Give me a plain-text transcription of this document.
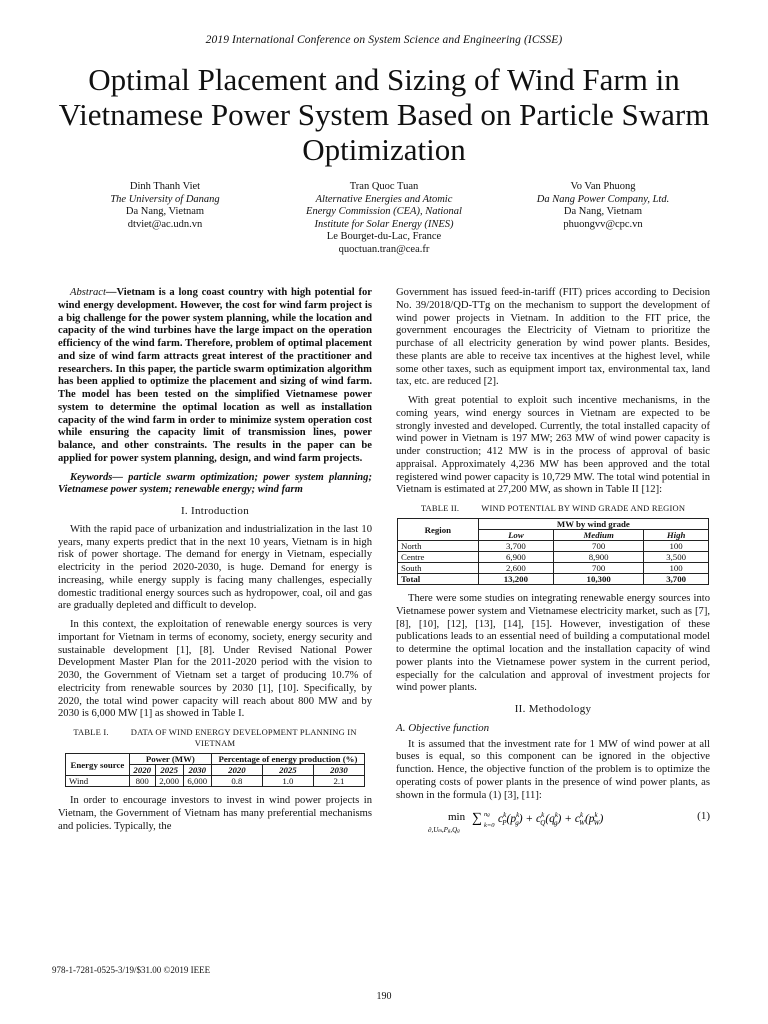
2019 International Conference on System Science and Engineering (ICSSE)
Optimal Placement and Sizing of Wind Farm in Vietnamese Power System Based on Particle Swarm Optimization
Dinh Thanh Viet
The University of Danang
Da Nang, Vietnam
dtviet@ac.udn.vn
Tran Quoc Tuan
Alternative Energies and Atomic
Energy Commission (CEA), National
Institute for Solar Energy (INES)
Le Bourget-du-Lac, France
quoctuan.tran@cea.fr
Vo Van Phuong
Da Nang Power Company, Ltd.
Da Nang, Vietnam
phuongvv@cpc.vn

Abstract—Vietnam is a long coast country with high potential for wind energy development. However, the cost for wind farm project is a big challenge for the power system planning, while the location and capacity of the wind turbines have the large impact on the operation efficiency of the wind farm. Therefore, problem of optimal placement and size of wind farm attracts great interest of the practitioner and researchers. In this paper, the particle swarm optimization algorithm has been applied to optimize the placement and sizing of wind farm. The model has been tested on the simplified Vietnamese power system to determine the optimal location as well as installation capacity of the wind farm in order to minimize system operation cost while ensuring the capacity limit of transmission lines, power balance, and other constraints. The results in the paper can be applied for power system planning, design, and wind farm projects.

Keywords— particle swarm optimization; power system planning; Vietnamese power system; renewable energy; wind farm

I. Introduction

With the rapid pace of urbanization and industrialization in the last 10 years, many experts predict that in the next 10 years, Vietnam is in high risk of power shortage. The demand for energy in Vietnam, especially electricity in the period 2020-2030, is huge. Demand for energy is increasing, while energy supply is facing many challenges, especially domestic traditional energy sources such as hydropower, coal, oil and gas are gradually depleted and difficult to develop.

In this context, the exploitation of renewable energy sources is very important for Vietnam in terms of economy, society, energy security and sustainable development [1], [8]. Under Revised National Power Development Master Plan for the 2011-2020 period with the vision to 2030, the Government of Vietnam set a target of producing 10.7% of electricity from renewable sources by 2030 [1], [10]. Specifically, by 2020, the total wind power capacity will reach about 800 MW and by 2030 is 6,000 MW [1] as showed in Table I.

TABLE I.	DATA OF WIND ENERGY DEVELOPMENT PLANNING IN VIETNAM
Energy source	Power (MW)			Percentage of energy production (%)		
	2020	2025	2030	2020	2025	2030
Wind	800	2,000	6,000	0.8	1.0	2.1

In order to encourage investors to invest in wind power projects in Vietnam, the Government of Vietnam has many preferential mechanisms and policies. Typically, the

Government has issued feed-in-tariff (FIT) prices according to Decision No. 39/2018/QD-TTg on the mechanism to support the development of wind power projects in Vietnam. In addition to the FIT price, the government encourages the Electricity of Vietnam to prioritize the purchase of all electricity generation by wind power plants. Besides, these plants are able to receive tax incentives at the highest level, while some other taxes, such as equipment import tax, environmental tax, land tax, etc. are reduced [2].

With great potential to exploit such incentive mechanisms, in the coming years, wind energy sources in Vietnam are expected to be strongly invested and developed. Currently, the total installed capacity of wind power in Vietnam is 197 MW; 263 MW of wind power capacity is under construction; 412 MW is in the process of approval of basic appraisal. Approximately 4,236 MW has been approved and the total registered wind power capacity is 10,729 MW. The total wind potential in Vietnam is estimated at 27,200 MW, as shown in Table II [12]:

TABLE II.	WIND POTENTIAL BY WIND GRADE AND REGION
Region	MW by wind grade		
	Low	Medium	High
North	3,700	700	100
Centre	6,900	8,900	3,500
South	2,600	700	100
Total	13,200	10,300	3,700

There were some studies on integrating renewable energy sources into Vietnamese power system and Vietnamese electricity market, such as [7], [8], [10], [12], [13], [14], [15]. However, investigation of these publications leads to an essential need of building a computational model to determine the optimal location and the installation capacity of wind power plants into the Vietnamese power system in the current period, especially for the calculation and approval of investment projects for wind power plants.

II. Methodology
A. Objective function

It is assumed that the investment rate for 1 MW of wind power at all buses is equal, so this component can be ignored in the objective function. Hence, the objective function of the problem is to optimize the operating costs of power plants in the presence of wind power plants, as shown in the formula (1) [3], [11]:

min
∂,Um,Pg,Qg
∑ ng
k=0
$c^k$ $P(p^k$ $g) + c^k$ $Q(q^k$ $g) + c^k$ $W(p^k$ W)	(1)
978-1-7281-0525-3/19/$31.00 ©2019 IEEE
190
